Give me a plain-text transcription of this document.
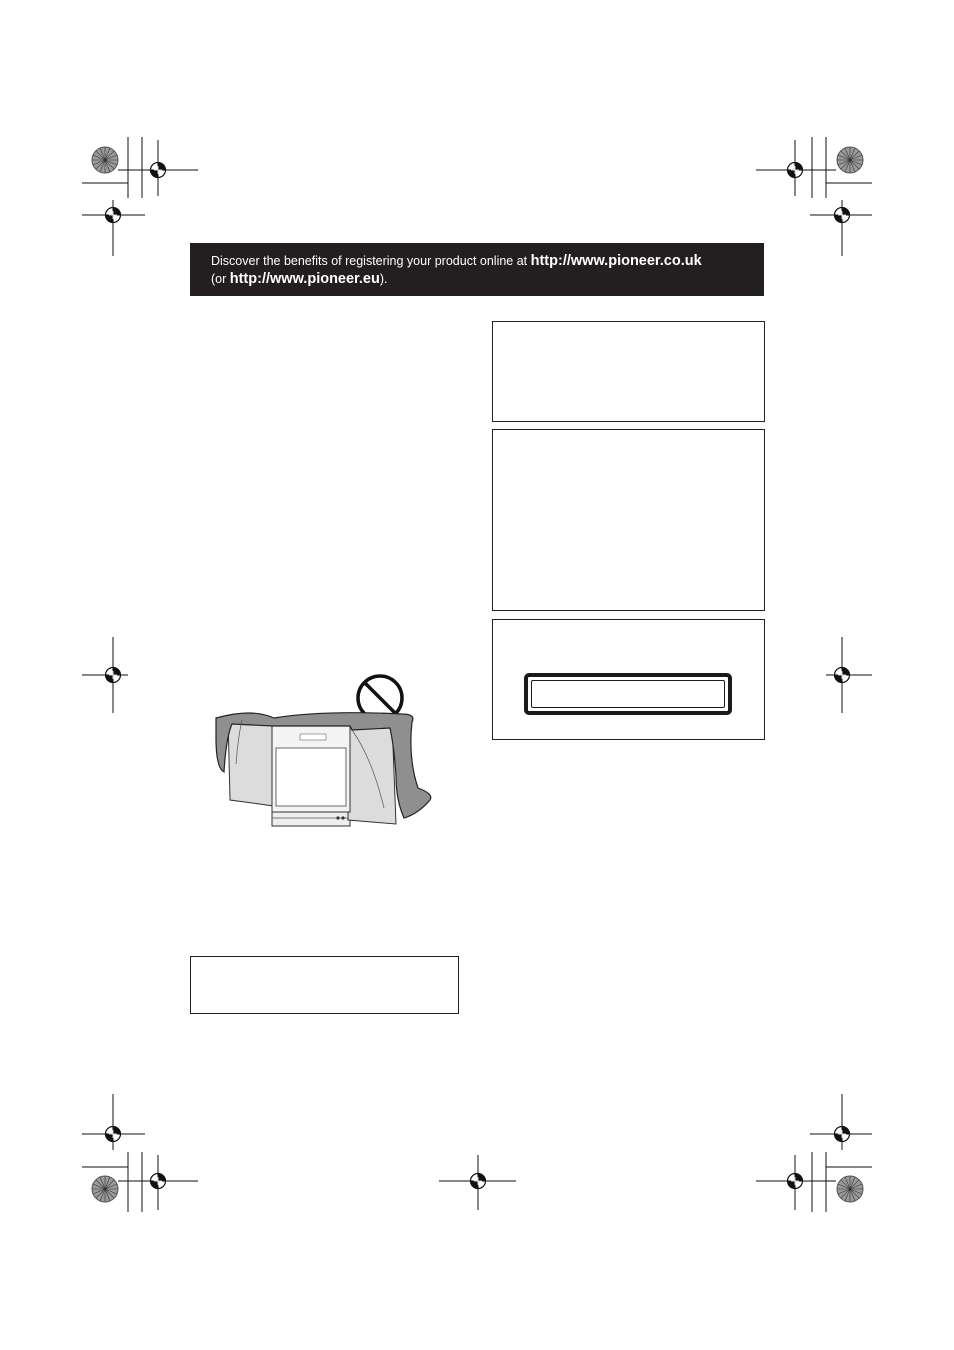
Discover the benefits of registering your product online at http://www.pioneer.co.uk
(or http://www.pioneer.eu).
